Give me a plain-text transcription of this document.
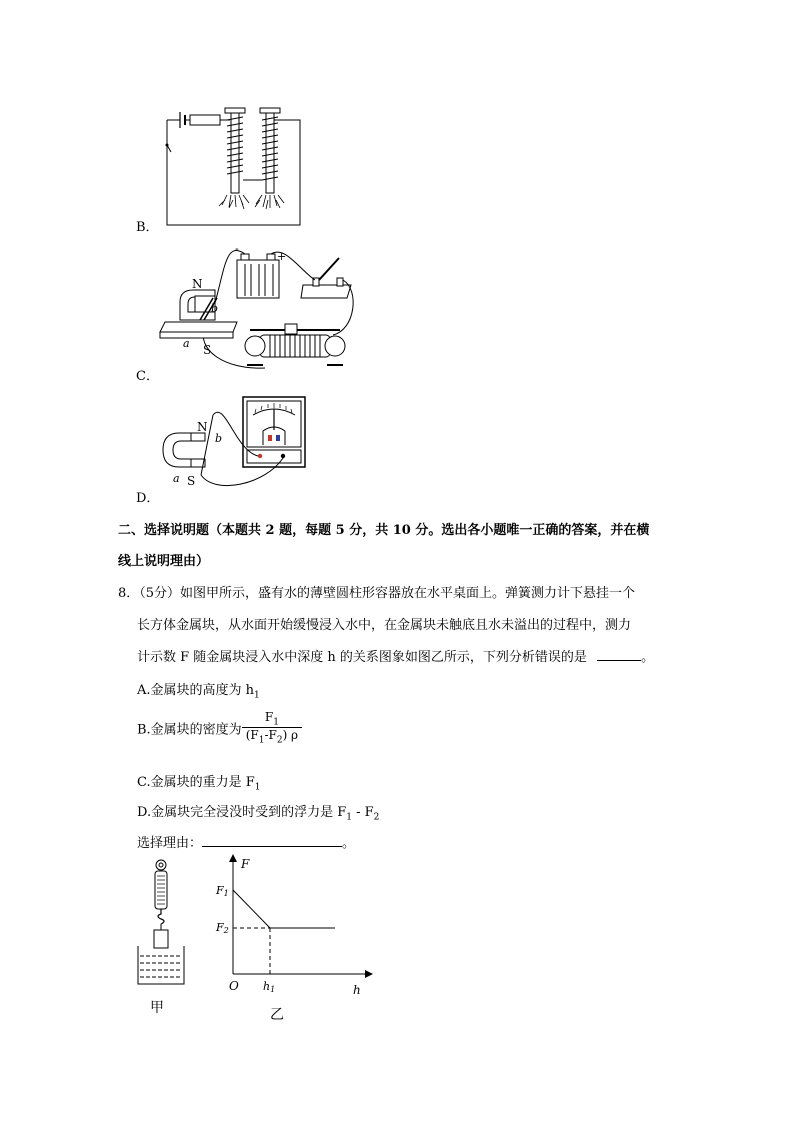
B．
-
+
N
S
a
b
C．
N
S
a
b
D．
二、选择说明题（本题共 2 题，每题 5 分，共 10 分。选出各小题唯一正确的答案，并在横
线上说明理由）
8．（5分）如图甲所示，盛有水的薄壁圆柱形容器放在水平桌面上。弹簧测力计下悬挂一个
长方体金属块，从水面开始缓慢浸入水中，在金属块未触底且水未溢出的过程中，测力
计示数 F 随金属块浸入水中深度 h 的关系图象如图乙所示，下列分析错误的是	。
A.金属块的高度为 $h_1$
B.金属块的密度为 $\frac{F_1}{(F_1-F_2) \rho}$
C.金属块的重力是 $F_1$
D.金属块完全浸没时受到的浮力是 $F_1 - F_2$
选择理由：	。
甲
F
F1
F2
O h1	h
乙
